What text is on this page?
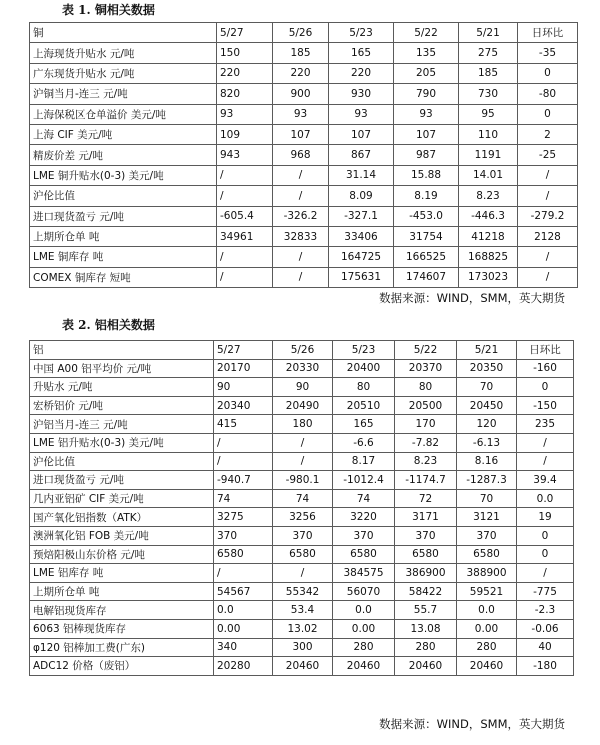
表 1. 铜相关数据
铜	5/27	5/26	5/23	5/22	5/21	日环比
上海现货升贴水 元/吨	150	185	165	135	275	-35
广东现货升贴水 元/吨	220	220	220	205	185	0
沪铜当月-连三 元/吨	820	900	930	790	730	-80
上海保税区仓单溢价 美元/吨	93	93	93	93	95	0
上海 CIF 美元/吨	109	107	107	107	110	2
精废价差 元/吨	943	968	867	987	1191	-25
LME 铜升贴水(0-3) 美元/吨	/	/	31.14	15.88	14.01	/
沪伦比值	/	/	8.09	8.19	8.23	/
进口现货盈亏 元/吨	-605.4	-326.2	-327.1	-453.0	-446.3	-279.2
上期所仓单 吨	34961	32833	33406	31754	41218	2128
LME 铜库存 吨	/	/	164725	166525	168825	/
COMEX 铜库存 短吨	/	/	175631	174607	173023	/
数据来源：WIND，SMM，英大期货
表 2. 铝相关数据
铝	5/27	5/26	5/23	5/22	5/21	日环比
中国 A00 铝平均价 元/吨	20170	20330	20400	20370	20350	-160
升贴水 元/吨	90	90	80	80	70	0
宏桥铝价 元/吨	20340	20490	20510	20500	20450	-150
沪铝当月-连三 元/吨	415	180	165	170	120	235
LME 铝升贴水(0-3) 美元/吨	/	/	-6.6	-7.82	-6.13	/
沪伦比值	/	/	8.17	8.23	8.16	/
进口现货盈亏 元/吨	-940.7	-980.1	-1012.4	-1174.7	-1287.3	39.4
几内亚铝矿 CIF 美元/吨	74	74	74	72	70	0.0
国产氧化铝指数（ATK）	3275	3256	3220	3171	3121	19
澳洲氧化铝 FOB 美元/吨	370	370	370	370	370	0
预焙阳极山东价格 元/吨	6580	6580	6580	6580	6580	0
LME 铝库存 吨	/	/	384575	386900	388900	/
上期所仓单 吨	54567	55342	56070	58422	59521	-775
电解铝现货库存	0.0	53.4	0.0	55.7	0.0	-2.3
6063 铝棒现货库存	0.00	13.02	0.00	13.08	0.00	-0.06
φ120 铝棒加工费(广东)	340	300	280	280	280	40
ADC12 价格（废铝）	20280	20460	20460	20460	20460	-180
数据来源：WIND，SMM，英大期货
